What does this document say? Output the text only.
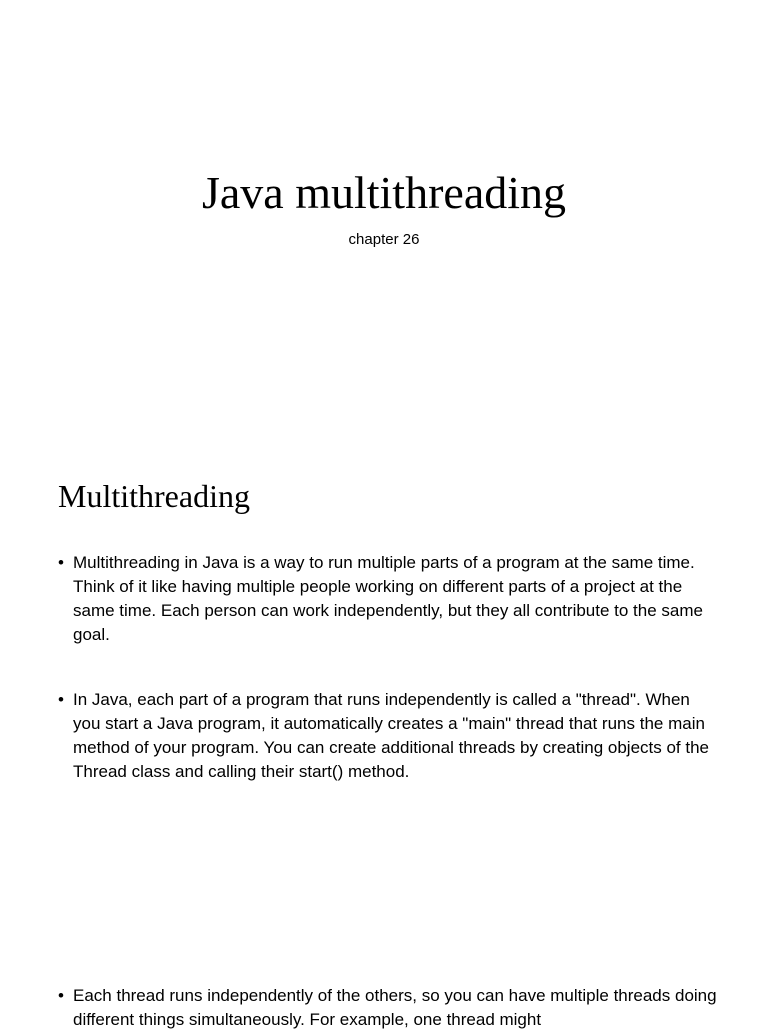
Java multithreading
chapter 26
Multithreading
• Multithreading in Java is a way to run multiple parts of a program at the same time. Think of it like having multiple people working on different parts of a project at the same time. Each person can work independently, but they all contribute to the same goal.
• In Java, each part of a program that runs independently is called a "thread". When you start a Java program, it automatically creates a "main" thread that runs the main method of your program. You can create additional threads by creating objects of the Thread class and calling their start() method.
• Each thread runs independently of the others, so you can have multiple threads doing different things simultaneously. For example, one thread might
